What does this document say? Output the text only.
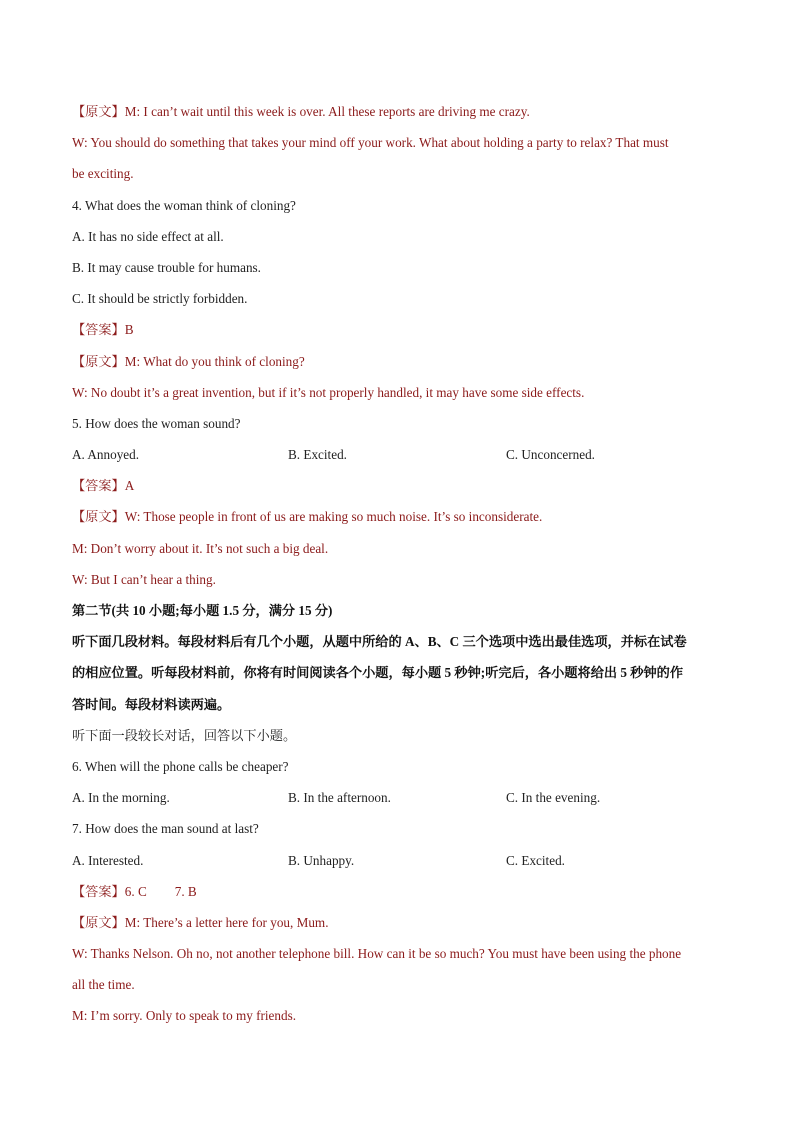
【原文】M: I can’t wait until this week is over. All these reports are driving me crazy.
W: You should do something that takes your mind off your work. What about holding a party to relax? That must
be exciting.
4. What does the woman think of cloning?
A. It has no side effect at all.
B. It may cause trouble for humans.
C. It should be strictly forbidden.
【答案】B
【原文】M: What do you think of cloning?
W: No doubt it’s a great invention, but if it’s not properly handled, it may have some side effects.
5. How does the woman sound?
A. Annoyed.	B. Excited.	C. Unconcerned.
【答案】A
【原文】W: Those people in front of us are making so much noise. It’s so inconsiderate.
M: Don’t worry about it. It’s not such a big deal.
W: But I can’t hear a thing.
第二节(共 10 小题;每小题 1.5 分，满分 15 分)
听下面几段材料。每段材料后有几个小题，从题中所给的 A、B、C 三个选项中选出最佳选项，并标在试卷
的相应位置。听每段材料前，你将有时间阅读各个小题，每小题 5 秒钟;听完后，各小题将给出 5 秒钟的作
答时间。每段材料读两遍。
听下面一段较长对话，回答以下小题。
6. When will the phone calls be cheaper?
A. In the morning.	B. In the afternoon.	C. In the evening.
7. How does the man sound at last?
A. Interested.	B. Unhappy.	C. Excited.
【答案】6. C 7. B
【原文】M: There’s a letter here for you, Mum.
W: Thanks Nelson. Oh no, not another telephone bill. How can it be so much? You must have been using the phone
all the time.
M: I’m sorry. Only to speak to my friends.
